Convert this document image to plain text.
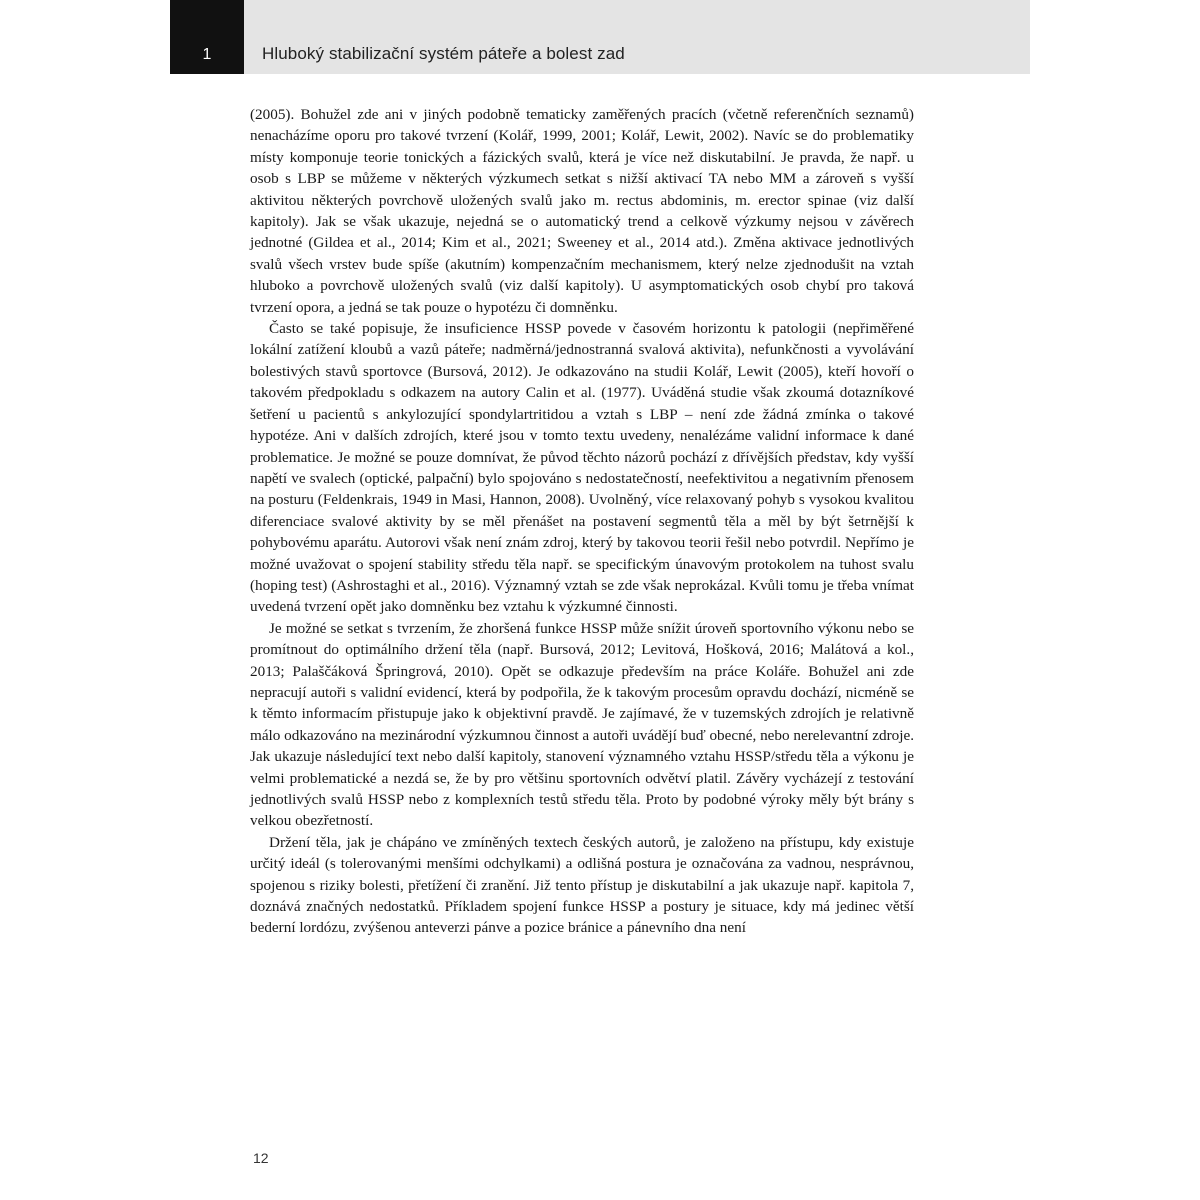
1	Hluboký stabilizační systém páteře a bolest zad

(2005). Bohužel zde ani v jiných podobně tematicky zaměřených pracích (včetně referenčních seznamů) nenacházíme oporu pro takové tvrzení (Kolář, 1999, 2001; Kolář, Lewit, 2002). Navíc se do problematiky místy komponuje teorie tonických a fázických svalů, která je více než diskutabilní. Je pravda, že např. u osob s LBP se můžeme v některých výzkumech setkat s nižší aktivací TA nebo MM a zároveň s vyšší aktivitou některých povrchově uložených svalů jako m. rectus abdominis, m. erector spinae (viz další kapitoly). Jak se však ukazuje, nejedná se o automatický trend a celkově výzkumy nejsou v závěrech jednotné (Gildea et al., 2014; Kim et al., 2021; Sweeney et al., 2014 atd.). Změna aktivace jednotlivých svalů všech vrstev bude spíše (akutním) kompenzačním mechanismem, který nelze zjednodušit na vztah hluboko a povrchově uložených svalů (viz další kapitoly). U asymptomatických osob chybí pro taková tvrzení opora, a jedná se tak pouze o hypotézu či domněnku.

Často se také popisuje, že insuficience HSSP povede v časovém horizontu k patologii (nepřiměřené lokální zatížení kloubů a vazů páteře; nadměrná/jednostranná svalová aktivita), nefunkčnosti a vyvolávání bolestivých stavů sportovce (Bursová, 2012). Je odkazováno na studii Kolář, Lewit (2005), kteří hovoří o takovém předpokladu s odkazem na autory Calin et al. (1977). Uváděná studie však zkoumá dotazníkové šetření u pacientů s ankylozující spondylartritidou a vztah s LBP – není zde žádná zmínka o takové hypotéze. Ani v dalších zdrojích, které jsou v tomto textu uvedeny, nenalézáme validní informace k dané problematice. Je možné se pouze domnívat, že původ těchto názorů pochází z dřívějších představ, kdy vyšší napětí ve svalech (optické, palpační) bylo spojováno s nedostatečností, neefektivitou a negativním přenosem na posturu (Feldenkrais, 1949 in Masi, Hannon, 2008). Uvolněný, více relaxovaný pohyb s vysokou kvalitou diferenciace svalové aktivity by se měl přenášet na postavení segmentů těla a měl by být šetrnější k pohybovému aparátu. Autorovi však není znám zdroj, který by takovou teorii řešil nebo potvrdil. Nepřímo je možné uvažovat o spojení stability středu těla např. se specifickým únavovým protokolem na tuhost svalu (hoping test) (Ashrostaghi et al., 2016). Významný vztah se zde však neprokázal. Kvůli tomu je třeba vnímat uvedená tvrzení opět jako domněnku bez vztahu k výzkumné činnosti.

Je možné se setkat s tvrzením, že zhoršená funkce HSSP může snížit úroveň sportovního výkonu nebo se promítnout do optimálního držení těla (např. Bursová, 2012; Levitová, Hošková, 2016; Malátová a kol., 2013; Palaščáková Špringrová, 2010). Opět se odkazuje především na práce Koláře. Bohužel ani zde nepracují autoři s validní evidencí, která by podpořila, že k takovým procesům opravdu dochází, nicméně se k těmto informacím přistupuje jako k objektivní pravdě. Je zajímavé, že v tuzemských zdrojích je relativně málo odkazováno na mezinárodní výzkumnou činnost a autoři uvádějí buď obecné, nebo nerelevantní zdroje. Jak ukazuje následující text nebo další kapitoly, stanovení významného vztahu HSSP/středu těla a výkonu je velmi problematické a nezdá se, že by pro většinu sportovních odvětví platil. Závěry vycházejí z testování jednotlivých svalů HSSP nebo z komplexních testů středu těla. Proto by podobné výroky měly být brány s velkou obezřetností.

Držení těla, jak je chápáno ve zmíněných textech českých autorů, je založeno na přístupu, kdy existuje určitý ideál (s tolerovanými menšími odchylkami) a odlišná postura je označována za vadnou, nesprávnou, spojenou s riziky bolesti, přetížení či zranění. Již tento přístup je diskutabilní a jak ukazuje např. kapitola 7, doznává značných nedostatků. Příkladem spojení funkce HSSP a postury je situace, kdy má jedinec větší bederní lordózu, zvýšenou anteverzi pánve a pozice bránice a pánevního dna není

12
